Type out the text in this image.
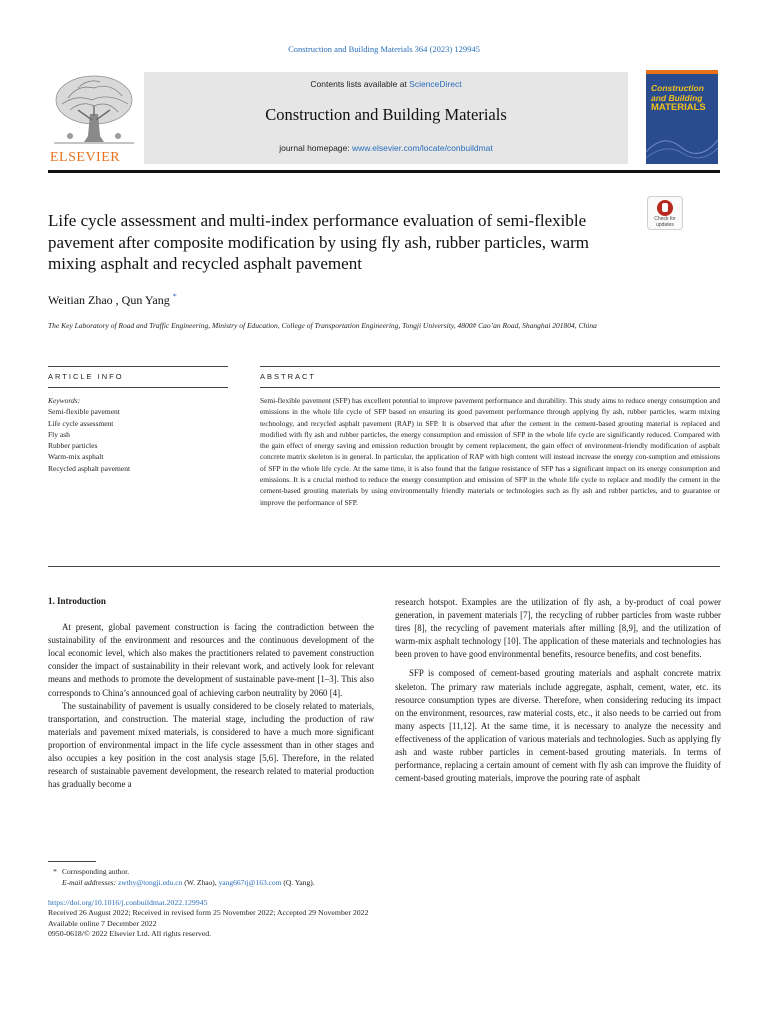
Construction and Building Materials 364 (2023) 129945
ELSEVIER
Contents lists available at ScienceDirect
Construction and Building Materials
journal homepage: www.elsevier.com/locate/conbuildmat
Construction
and Building

MATERIALS
Life cycle assessment and multi-index performance evaluation of semi-flexible pavement after composite modification by using fly ash, rubber particles, warm mixing asphalt and recycled asphalt pavement
Check for
updates
Weitian Zhao , Qun Yang *
The Key Laboratory of Road and Traffic Engineering, Ministry of Education, College of Transportation Engineering, Tongji University, 4800# Cao’an Road, Shanghai 201804, China
ARTICLE INFO	ABSTRACT
Keywords:
Semi-flexible pavement
Life cycle assessment
Fly ash
Rubber particles
Warm-mix asphalt
Recycled asphalt pavement
Semi-flexible pavement (SFP) has excellent potential to improve pavement performance and durability. This study aims to reduce energy consumption and emissions in the whole life cycle of SFP based on ensuring its good pavement performance through applying fly ash, rubber particles, warm mixing technology, and recycled asphalt pavement (RAP) in SFP. It is observed that after the cement in the cement-based grouting material is replaced and modified with fly ash and rubber particles, the energy consumption and emission of SFP in the whole life cycle are significantly reduced. Compared with the gain effect of energy saving and emission reduction brought by cement replacement, the gain effect of environment-friendly modification of asphalt concrete matrix skeleton is in general. In particular, the application of RAP with high content will instead increase the energy con-sumption and emissions of SFP in the whole life cycle. At the same time, it is also found that the fatigue resistance of SFP has a significant impact on its energy consumption and emissions. It is a crucial method to reduce the energy consumption and emission of SFP in the whole life cycle to replace and modify the cement in the cement-based grouting materials by using environmentally friendly materials or technologies such as fly ash and rubber particles, and to guarantee or improve the performance of SFP.
1. Introduction

At present, global pavement construction is facing the contradiction between the sustainability of the environment and resources and the continuous development of the local economic level, which also makes the practitioners related to pavement construction consider the impact of sustainability in their relevant work, and actively look for relevant means and methods to promote the development of sustainable pave-ment [1–3]. This also corresponds to China’s announced goal of achieving carbon neutrality by 2060 [4].

The sustainability of pavement is usually considered to be closely related to materials, transportation, and construction. The material stage, including the production of raw materials and pavement mixed materials, is considered to have a much more significant proportion of environmental impact in the life cycle assessment than in other stages and also occupies a key position in the cost analysis stage [5,6]. Therefore, in the related research of sustainable pavement development, the research related to material production has gradually become a

research hotspot. Examples are the utilization of fly ash, a by-product of coal power generation, in pavement materials [7], the recycling of rubber particles from waste rubber tires [8], the recycling of pavement materials after milling [8,9], and the utilization of warm-mix asphalt technology [10]. The application of these materials and technologies has been proven to have good environmental benefits, resource benefits, and cost benefits.

SFP is composed of cement-based grouting materials and asphalt concrete matrix skeleton. The primary raw materials include aggregate, asphalt, cement, water, etc. its resource consumption types are diverse. Therefore, when considering reducing its impact on the environment, resources, raw material costs, etc., it also needs to be carried out from many aspects [11,12]. At the same time, it is necessary to analyze the necessity and effectiveness of the application of various materials and technologies. Such as applying fly ash and waste rubber particles in cement-based grouting materials. In terms of performance, replacing a certain amount of cement with fly ash can improve the fluidity of cement-based grouting materials, improve the pouring rate of asphalt

* Corresponding author.
E-mail addresses: zwthy@tongji.edu.cn (W. Zhao), yang667tj@163.com (Q. Yang).
https://doi.org/10.1016/j.conbuildmat.2022.129945
Received 26 August 2022; Received in revised form 25 November 2022; Accepted 29 November 2022
Available online 7 December 2022
0950-0618/© 2022 Elsevier Ltd. All rights reserved.
